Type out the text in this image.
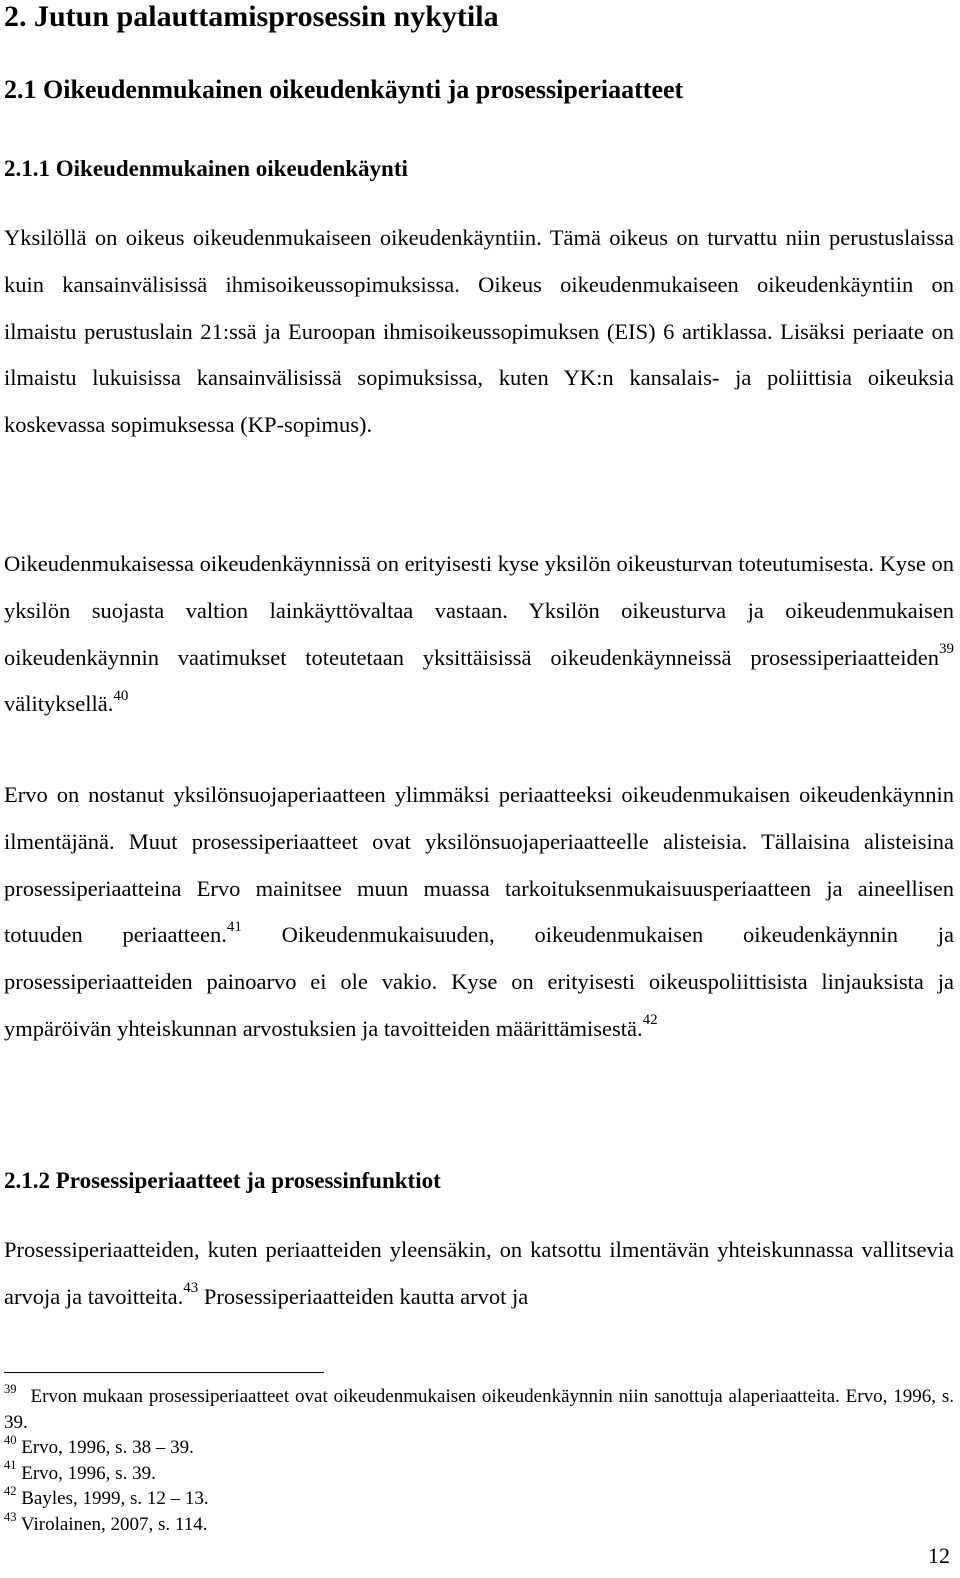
2. Jutun palauttamisprosessin nykytila
2.1 Oikeudenmukainen oikeudenkäynti ja prosessiperiaatteet
2.1.1 Oikeudenmukainen oikeudenkäynti

Yksilöllä on oikeus oikeudenmukaiseen oikeudenkäyntiin. Tämä oikeus on turvattu niin perustuslaissa kuin kansainvälisissä ihmisoikeussopimuksissa. Oikeus oikeudenmukaiseen oikeudenkäyntiin on ilmaistu perustuslain 21:ssä ja Euroopan ihmisoikeussopimuksen (EIS) 6 artiklassa. Lisäksi periaate on ilmaistu lukuisissa kansainvälisissä sopimuksissa, kuten YK:n kansalais- ja poliittisia oikeuksia koskevassa sopimuksessa (KP-sopimus).

Oikeudenmukaisessa oikeudenkäynnissä on erityisesti kyse yksilön oikeusturvan toteutumisesta. Kyse on yksilön suojasta valtion lainkäyttövaltaa vastaan. Yksilön oikeusturva ja oikeudenmukaisen oikeudenkäynnin vaatimukset toteutetaan yksittäisissä oikeudenkäynneissä prosessiperiaatteiden$^{39}$ välityksellä.$^{40}$

Ervo on nostanut yksilönsuojaperiaatteen ylimmäksi periaatteeksi oikeudenmukaisen oikeudenkäynnin ilmentäjänä. Muut prosessiperiaatteet ovat yksilönsuojaperiaatteelle alisteisia. Tällaisina alisteisina prosessiperiaatteina Ervo mainitsee muun muassa tarkoituksenmukaisuusperiaatteen ja aineellisen totuuden periaatteen.$^{41}$ Oikeudenmukaisuuden, oikeudenmukaisen oikeudenkäynnin ja prosessiperiaatteiden painoarvo ei ole vakio. Kyse on erityisesti oikeuspoliittisista linjauksista ja ympäröivän yhteiskunnan arvostuksien ja tavoitteiden määrittämisestä.$^{42}$

2.1.2 Prosessiperiaatteet ja prosessinfunktiot

Prosessiperiaatteiden, kuten periaatteiden yleensäkin, on katsottu ilmentävän yhteiskunnassa vallitsevia arvoja ja tavoitteita.$^{43}$ Prosessiperiaatteiden kautta arvot ja

$^{39}$ Ervon mukaan prosessiperiaatteet ovat oikeudenmukaisen oikeudenkäynnin niin sanottuja alaperiaatteita. Ervo, 1996, s. 39.

$^{40}$ Ervo, 1996, s. 38 – 39.

$^{41}$ Ervo, 1996, s. 39.

$^{42}$ Bayles, 1999, s. 12 – 13.

$^{43}$ Virolainen, 2007, s. 114.

12
